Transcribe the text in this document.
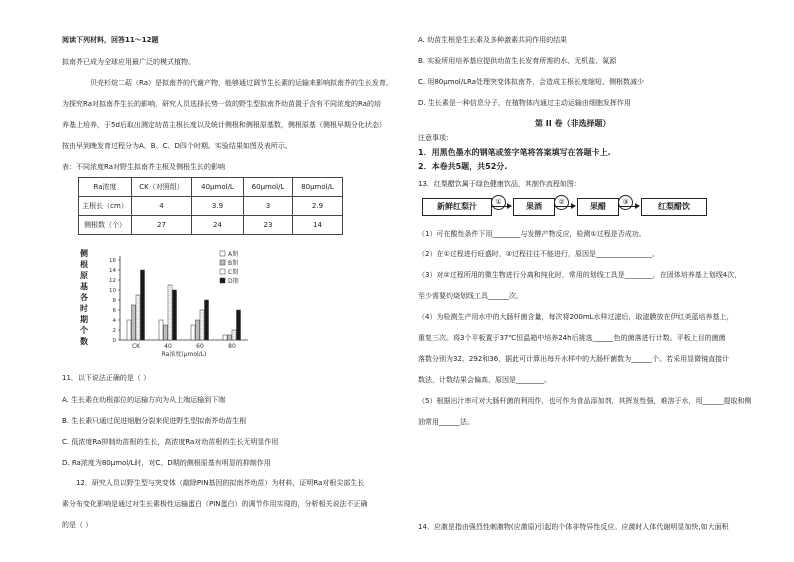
阅读下列材料，回答11～12题
拟南芥已成为全球应用最广泛的模式植物。
贝壳杉烷二萜（Ra）是拟南芥的代谢产物，能够通过调节生长素的运输来影响拟南芥的生长发育。
为探究Ra对拟南芥生长的影响，研究人员选择长势一致的野生型拟南芥幼苗置于含有不同浓度的Ra的培
养基上培养，于5d后取出测定幼苗主根长度以及统计侧根和侧根原基数，侧根原基（侧根早期分化状态）
按由早到晚发育过程分为A、B、C、D四个时期。实验结果如图及表所示。
表：不同浓度Ra对野生拟南芥主根及侧根生长的影响
Ra浓度	CK（对照组）	40μmol/L	60μmol/L	80μmol/L
主根长（cm）	4	3.9	3	2.9
侧根数（个）	27	24	23	14
侧
根
原
基
各
时
期
个
数	0
2
4
6
8
10
12
14
16
CK	40	60	80
Ra浓度(μmol/L)
A期
B期
C期
D期
11．以下说法正确的是（ ）
A. 生长素在幼根部位的运输方向为从上端运输到下端
B. 生长素只通过促进细胞分裂来促进野生型拟南芥幼苗生根
C. 低浓度Ra抑制幼苗根的生长，高浓度Ra对幼苗根的生长无明显作用
D. Ra浓度为80μmol/L时，对C、D期的侧根原基有明显的抑制作用
12．研究人员以野生型与突变体（敲除PIN基因的拟南芥幼苗）为材料，证明Ra对根尖部生长
素分布变化影响是通过对生长素极性运输蛋白（PIN蛋白）的调节作用实现的，分析相关说法不正确
的是（ ）
A. 幼苗生根是生长素及多种激素共同作用的结果
B. 实验所用培养基应提供幼苗生长发育所需的水、无机盐、氮源
C. 用80μmol/LRa处理突变体拟南芥，会造成主根长度缩短、侧根数减少
D. 生长素是一种信息分子，在植物体内通过主动运输由细胞发挥作用
第 II 卷（非选择题）
注意事项：
1．用黑色墨水的钢笔或签字笔将答案填写在答题卡上.
2．本卷共5题，共52分.
13．红梨醋饮属于绿色健康饮品，其制作流程如图：
新鲜红梨汁	①	果酒	②	果醋	③	红梨醋饮
（1）可在酸性条件下用________与发酵产物反应，检测①过程是否成功。
（2）在①过程进行旺盛时，②过程往往不能进行，原因是________________。
（3）对②过程所用的微生物进行分离和纯化时，常用的划线工具是________，在固体培养基上划线4次，
至少需要灼烧划线工具______次。
（4）为检测生产用水中的大肠杆菌含量，每次将200mL水样过滤后，取滤膜放在伊红美蓝培养基上，
重复三次。将3个平板置于37℃恒温箱中培养24h后挑选______色的菌落进行计数。平板上目的菌菌
落数分别为32、292和36，据此可计算出每升水样中的大肠杆菌数为______个。若采用显微镜直接计
数法，计数结果会偏高，原因是________。
（5）根据出汁率可对大肠杆菌的利用作，也可作为食品添加剂，其挥发性强，难溶于水，用______提取和侧
油常用______法。
14．应激是指由强烈性刺激物(应激原)引起的个体非特异性反应。应激时人体代谢明显加快,如大面积
